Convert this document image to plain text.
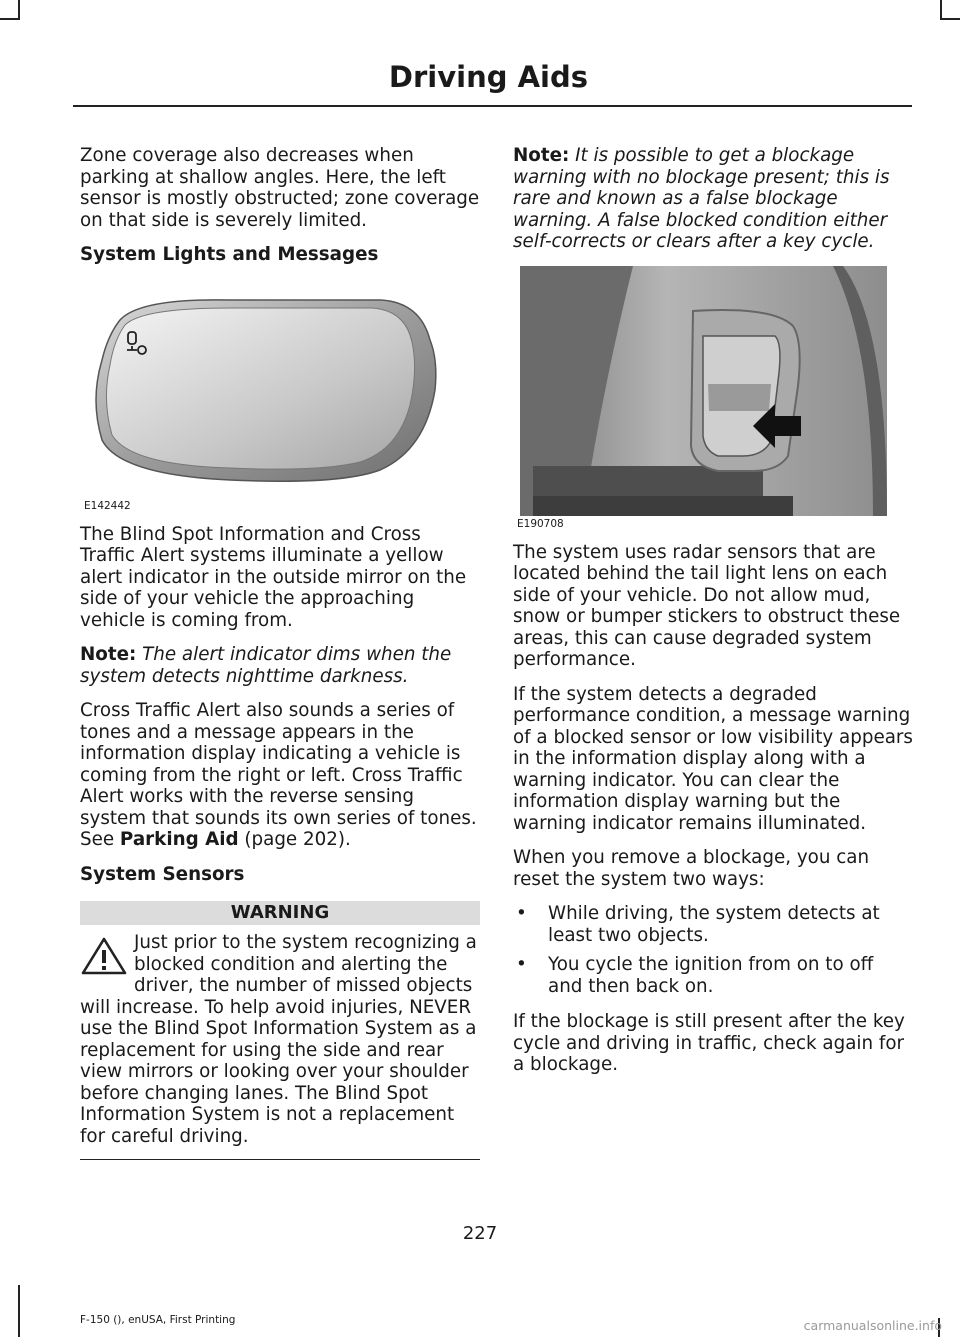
Driving Aids

Zone coverage also decreases when parking at shallow angles. Here, the left sensor is mostly obstructed; zone coverage on that side is severely limited.

System Lights and Messages

E142442

The Blind Spot Information and Cross Traffic Alert systems illuminate a yellow alert indicator in the outside mirror on the side of your vehicle the approaching vehicle is coming from.

Note: The alert indicator dims when the system detects nighttime darkness.

Cross Traffic Alert also sounds a series of tones and a message appears in the information display indicating a vehicle is coming from the right or left. Cross Traffic Alert works with the reverse sensing system that sounds its own series of tones. See Parking Aid (page 202).

System Sensors

WARNING
Just prior to the system recognizing a blocked condition and alerting the driver, the number of missed objects will increase. To help avoid injuries, NEVER use the Blind Spot Information System as a replacement for using the side and rear view mirrors or looking over your shoulder before changing lanes. The Blind Spot Information System is not a replacement for careful driving.

Note: It is possible to get a blockage warning with no blockage present; this is rare and known as a false blockage warning. A false blocked condition either self-corrects or clears after a key cycle.

E190708

The system uses radar sensors that are located behind the tail light lens on each side of your vehicle. Do not allow mud, snow or bumper stickers to obstruct these areas, this can cause degraded system performance.

If the system detects a degraded performance condition, a message warning of a blocked sensor or low visibility appears in the information display along with a warning indicator. You can clear the information display warning but the warning indicator remains illuminated.

When you remove a blockage, you can reset the system two ways:

• While driving, the system detects at least two objects.
• You cycle the ignition from on to off and then back on.

If the blockage is still present after the key cycle and driving in traffic, check again for a blockage.

227
F-150 (), enUSA, First Printing	carmanualsonline.info
